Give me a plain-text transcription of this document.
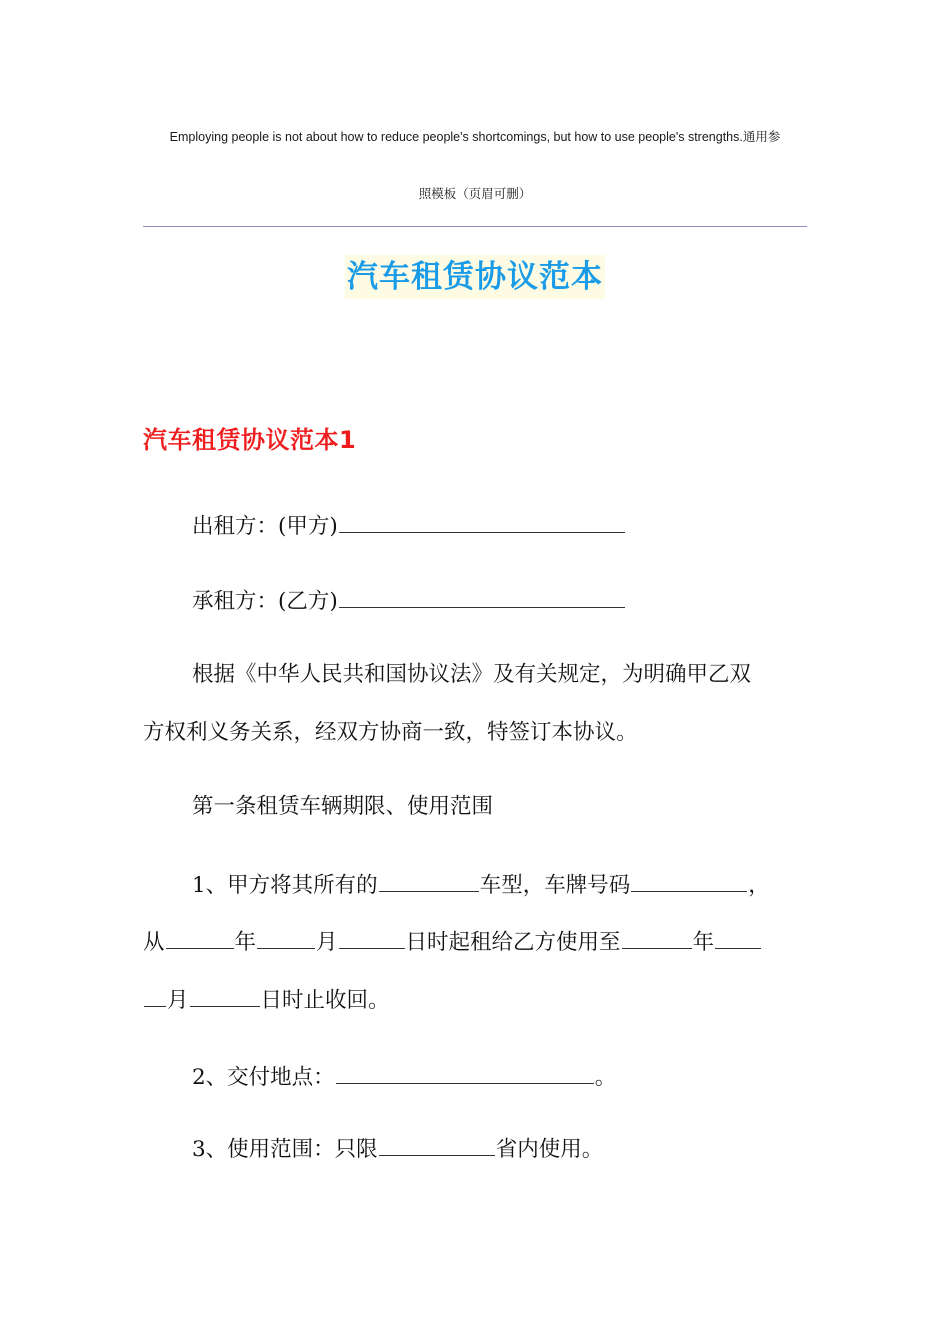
Employing people is not about how to reduce people's shortcomings, but how to use people's strengths.通用参
照模板（页眉可删）
汽车租赁协议范本
汽车租赁协议范本1
出租方：(甲方)
承租方：(乙方)
根据《中华人民共和国协议法》及有关规定，为明确甲乙双
方权利义务关系，经双方协商一致，特签订本协议。
第一条租赁车辆期限、使用范围
1、甲方将其所有的	车型，车牌号码	，
从	年	月	日时起租给乙方使用至	年
月	日时止收回。
2、交付地点：	。
3、使用范围：只限	省内使用。
